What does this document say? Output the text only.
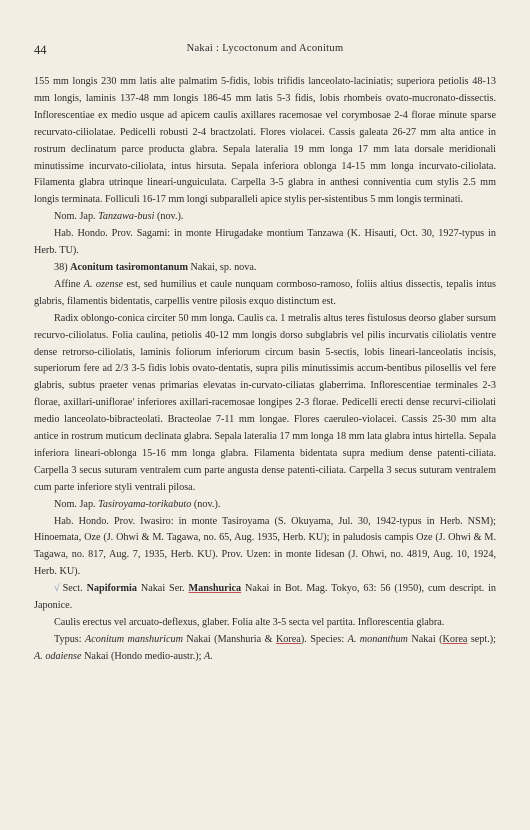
44	Nakai : Lycoctonum and Aconitum

155 mm longis 230 mm latis alte palmatim 5-fidis, lobis trifidis lanceolato-laciniatis; superiora petiolis 48-13 mm longis, laminis 137-48 mm longis 186-45 mm latis 5-3 fidis, lobis rhombeis ovato-mucronato-dissectis. Inflorescentiae ex medio usque ad apicem caulis axillares racemosae vel corymbosae 2-4 florae minute sparse recurvato-ciliolatae. Pedicelli robusti 2-4 bractzolati. Flores violacei. Cassis galeata 26-27 mm alta antice in rostrum declinatum parce producta glabra. Sepala lateralia 19 mm longa 17 mm lata dorsale meridionali minutissime incurvato-ciliolata, intus hirsuta. Sepala inferiora oblonga 14-15 mm longa incurvato-ciliolata. Filamenta glabra utrinque lineari-unguiculata. Carpella 3-5 glabra in anthesi conniventia cum stylis 2.5 mm longis terminata. Folliculi 16-17 mm longi subparalleli apice stylis per-sistentibus 5 mm longis terminati.

Nom. Jap. Tanzawa-busi (nov.).

Hab. Hondo. Prov. Sagami: in monte Hirugadake montium Tanzawa (K. Hisauti, Oct. 30, 1927-typus in Herb. TU).

38) Aconitum tasiromontanum Nakai, sp. nova.

Affine A. ozense est, sed humilius et caule nunquam cormboso-ramoso, foliis altius dissectis, tepalis intus glabris, filamentis bidentatis, carpellis ventre pilosis exquo distinctum est.

Radix oblongo-conica circiter 50 mm longa. Caulis ca. 1 metralis altus teres fistulosus deorso glaber sursum recurvo-ciliolatus. Folia caulina, petiolis 40-12 mm longis dorso subglabris vel pilis incurvatis ciliolatis ventre dense retrorso-ciliolatis, laminis foliorum inferiorum circum basin 5-sectis, lobis lineari-lanceolatis incisis, superiorum fere ad 2/3 3-5 fidis lobis ovato-dentatis, supra pilis minutissimis accum-bentibus pilosellis vel fere glabris, subtus praeter venas primarias elevatas in-curvato-ciliatas glaberrima. Inflorescentiae terminales 2-3 florae, axillari-uniflorae' inferiores axillari-racemosae longipes 2-3 florae. Pedicelli erecti dense recurvi-ciliolati medio lanceolato-bibracteolati. Bracteolae 7-11 mm longae. Flores caeruleo-violacei. Cassis 25-30 mm alta antice in rostrum muticum declinata glabra. Sepala lateralia 17 mm longa 18 mm lata glabra intus hirtella. Sepala inferiora lineari-oblonga 15-16 mm longa glabra. Filamenta bidentata supra medium dense patenti-ciliata. Carpella 3 secus suturam ventralem cum parte angusta dense patenti-ciliata. Carpella 3 secus suturam ventralem cum parte inferiore styli ventrali pilosa.

Nom. Jap. Tasiroyama-torikabuto (nov.).

Hab. Hondo. Prov. Iwasiro: in monte Tasiroyama (S. Okuyama, Jul. 30, 1942-typus in Herb. NSM); Hinoemata, Oze (J. Ohwi & M. Tagawa, no. 65, Aug. 1935, Herb. KU); in paludosis campis Oze (J. Ohwi & M. Tagawa, no. 817, Aug. 7, 1935, Herb. KU). Prov. Uzen: in monte Iidesan (J. Ohwi, no. 4819, Aug. 10, 1924, Herb. KU).

√ Sect. Napiformia Nakai Ser. Manshurica Nakai in Bot. Mag. Tokyo, 63: 56 (1950), cum descript. in Japonice.

Caulis erectus vel arcuato-deflexus, glaber. Folia alte 3-5 secta vel partita. Inflorescentia glabra.

Typus: Aconitum manshuricum Nakai (Manshuria & Korea). Species: A. monanthum Nakai (Korea sept.); A. odaiense Nakai (Hondo medio-austr.); A.
